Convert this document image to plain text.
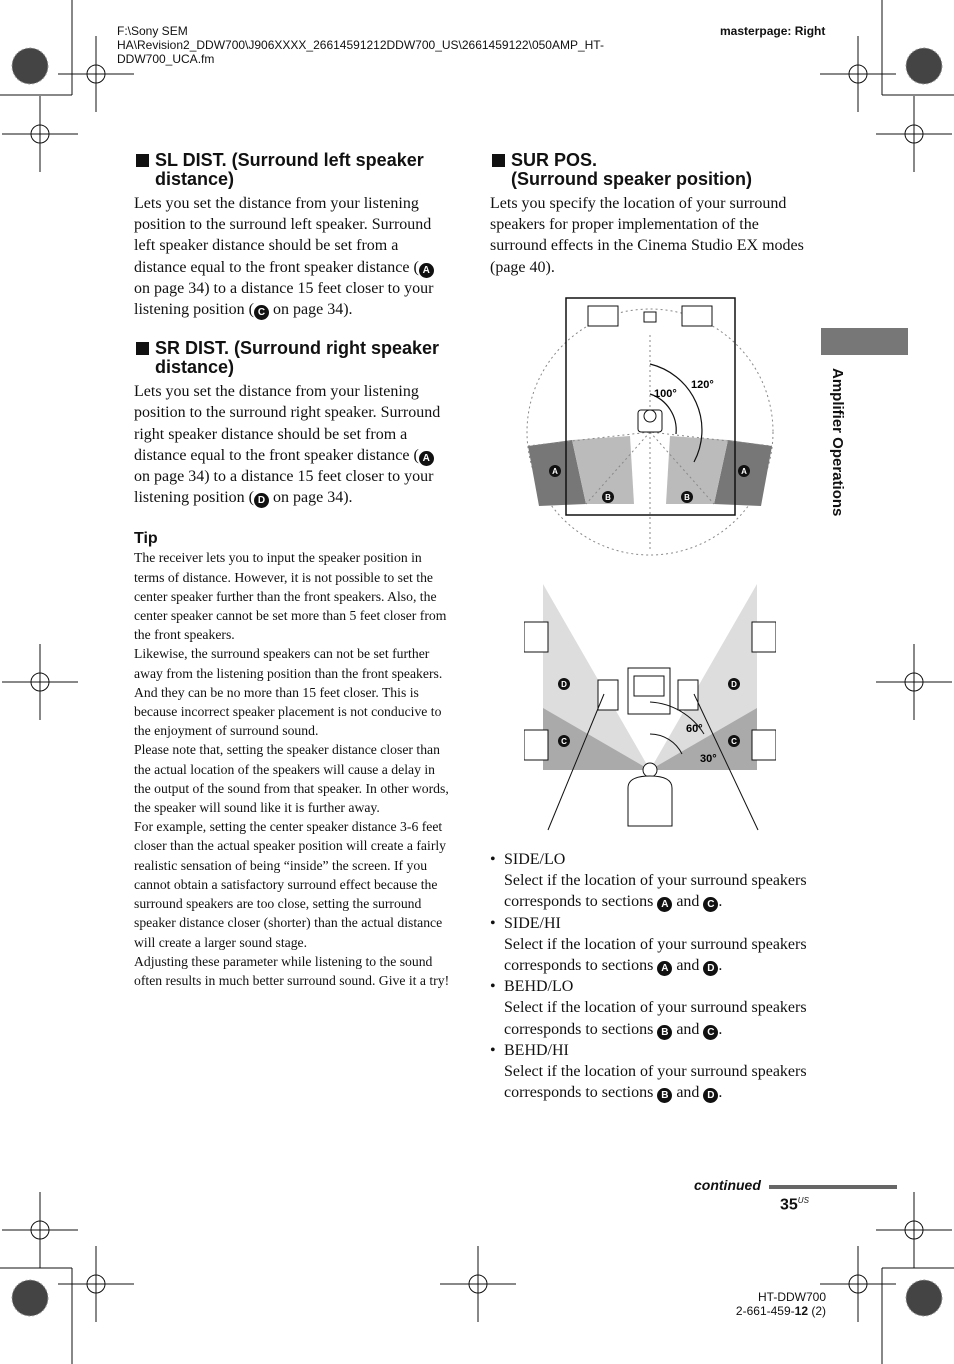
F:\Sony SEM HA\Revision2_DDW700\J906XXXX_26614591212DDW700_US\2661459122\050AMP_HT-DDW700_UCA.fm
masterpage: Right
SL DIST. (Surround left speaker distance)

Lets you set the distance from your listening position to the surround left speaker. Surround left speaker distance should be set from a distance equal to the front speaker distance ( A on page 34) to a distance 15 feet closer to your listening position ( C on page 34).

SR DIST. (Surround right speaker distance)

Lets you set the distance from your listening position to the surround right speaker. Surround right speaker distance should be set from a distance equal to the front speaker distance ( A on page 34) to a distance 15 feet closer to your listening position ( D on page 34).

Tip

The receiver lets you to input the speaker position in terms of distance. However, it is not possible to set the center speaker further than the front speakers. Also, the center speaker cannot be set more than 5 feet closer from the front speakers.

Likewise, the surround speakers can not be set further away from the listening position than the front speakers. And they can be no more than 15 feet closer. This is because incorrect speaker placement is not conducive to the enjoyment of surround sound.

Please note that, setting the speaker distance closer than the actual location of the speakers will cause a delay in the output of the sound from that speaker. In other words, the speaker will sound like it is further away.

For example, setting the center speaker distance 3-6 feet closer than the actual speaker position will create a fairly realistic sensation of being “inside” the screen. If you cannot obtain a satisfactory surround effect because the surround speakers are too close, setting the surround speaker distance closer (shorter) than the actual distance will create a larger sound stage.

Adjusting these parameter while listening to the sound often results in much better surround sound. Give it a try!

SUR POS.
(Surround speaker position)

Lets you specify the location of your surround speakers for proper implementation of the surround effects in the Cinema Studio EX modes (page 40).

100°
120°
A	A
B	B
60°
30°
D	D
C	C
• SIDE/LO
Select if the location of your surround speakers corresponds to sections A and C .
• SIDE/HI
Select if the location of your surround speakers corresponds to sections A and D .
• BEHD/LO
Select if the location of your surround speakers corresponds to sections B and C .
• BEHD/HI
Select if the location of your surround speakers corresponds to sections B and D .
Amplifier Operations
continued
$35^{US}$
HT-DDW700
2-661-459-12 (2)
